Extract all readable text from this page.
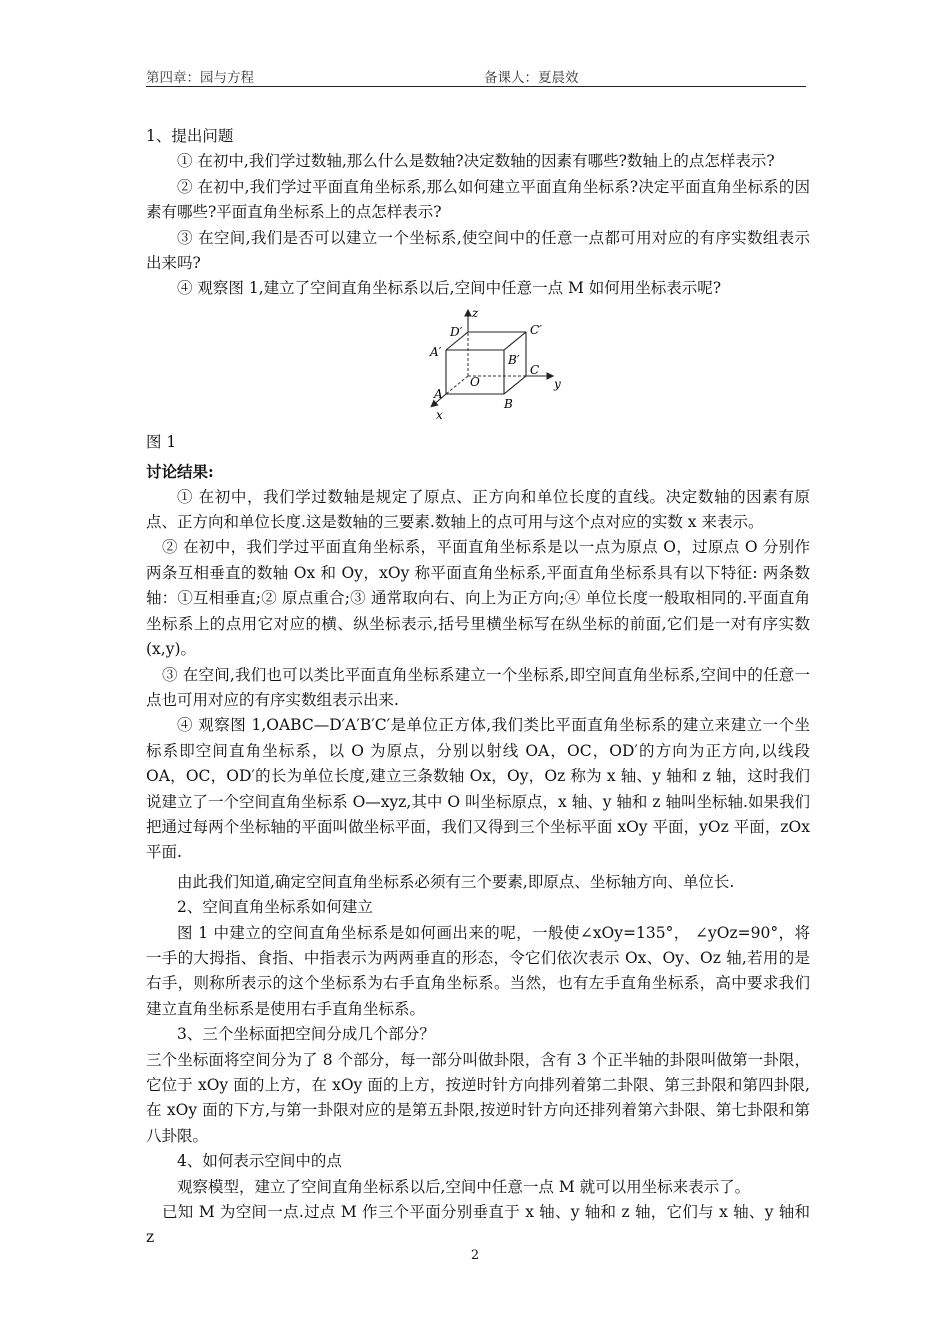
第四章：园与方程	备课人：夏晨效

1、提出问题

① 在初中,我们学过数轴,那么什么是数轴?决定数轴的因素有哪些?数轴上的点怎样表示?

② 在初中,我们学过平面直角坐标系,那么如何建立平面直角坐标系?决定平面直角坐标系的因素有哪些?平面直角坐标系上的点怎样表示?

③ 在空间,我们是否可以建立一个坐标系,使空间中的任意一点都可用对应的有序实数组表示出来吗?

④ 观察图 1,建立了空间直角坐标系以后,空间中任意一点 M 如何用坐标表示呢?

z
D′	C′
A′
B′
C
O	y
A
B
x

图 1

讨论结果:

① 在初中，我们学过数轴是规定了原点、正方向和单位长度的直线。决定数轴的因素有原点、正方向和单位长度.这是数轴的三要素.数轴上的点可用与这个点对应的实数 x 来表示。

② 在初中，我们学过平面直角坐标系，平面直角坐标系是以一点为原点 O，过原点 O 分别作两条互相垂直的数轴 Ox 和 Oy，xOy 称平面直角坐标系,平面直角坐标系具有以下特征: 两条数轴：①互相垂直;② 原点重合;③ 通常取向右、向上为正方向;④ 单位长度一般取相同的.平面直角坐标系上的点用它对应的横、纵坐标表示,括号里横坐标写在纵坐标的前面,它们是一对有序实数(x,y)。

③ 在空间,我们也可以类比平面直角坐标系建立一个坐标系,即空间直角坐标系,空间中的任意一点也可用对应的有序实数组表示出来.

④ 观察图 1,OABC—D′A′B′C′是单位正方体,我们类比平面直角坐标系的建立来建立一个坐标系即空间直角坐标系，以 O 为原点，分别以射线 OA，OC，OD′的方向为正方向,以线段 OA，OC，OD′的长为单位长度,建立三条数轴 Ox，Oy，Oz 称为 x 轴、y 轴和 z 轴，这时我们说建立了一个空间直角坐标系 O—xyz,其中 O 叫坐标原点，x 轴、y 轴和 z 轴叫坐标轴.如果我们把通过每两个坐标轴的平面叫做坐标平面，我们又得到三个坐标平面 xOy 平面，yOz 平面，zOx 平面.

由此我们知道,确定空间直角坐标系必须有三个要素,即原点、坐标轴方向、单位长.

2、空间直角坐标系如何建立

图 1 中建立的空间直角坐标系是如何画出来的呢，一般使∠xOy=135°， ∠yOz=90°，将一手的大拇指、食指、中指表示为两两垂直的形态，令它们依次表示 Ox、Oy、Oz 轴,若用的是右手，则称所表示的这个坐标系为右手直角坐标系。当然，也有左手直角坐标系，高中要求我们建立直角坐标系是使用右手直角坐标系。

3、三个坐标面把空间分成几个部分？

三个坐标面将空间分为了 8 个部分，每一部分叫做卦限，含有 3 个正半轴的卦限叫做第一卦限，它位于 xOy 面的上方，在 xOy 面的上方，按逆时针方向排列着第二卦限、第三卦限和第四卦限,在 xOy 面的下方,与第一卦限对应的是第五卦限,按逆时针方向还排列着第六卦限、第七卦限和第八卦限。

4、如何表示空间中的点

观察模型，建立了空间直角坐标系以后,空间中任意一点 M 就可以用坐标来表示了。

已知 M 为空间一点.过点 M 作三个平面分别垂直于 x 轴、y 轴和 z 轴，它们与 x 轴、y 轴和 z

2
